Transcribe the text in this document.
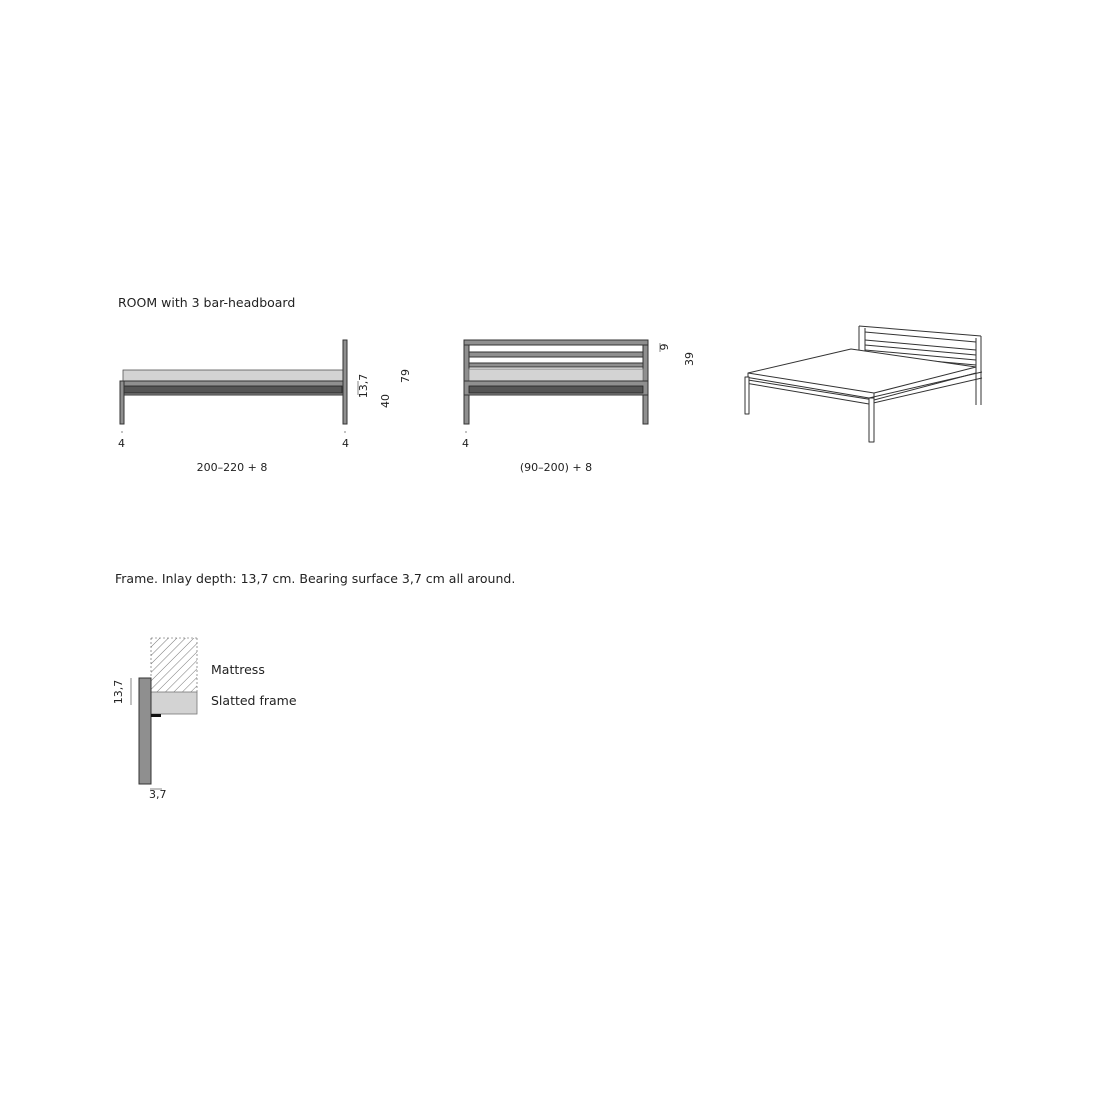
ROOM with 3 bar-headboard
4	4
13,7	79
40
200–220 + 8
4
9
39
(90–200) + 8
Frame. Inlay depth: 13,7 cm. Bearing surface 3,7 cm all around.
13,7
3,7
Mattress
Slatted frame
